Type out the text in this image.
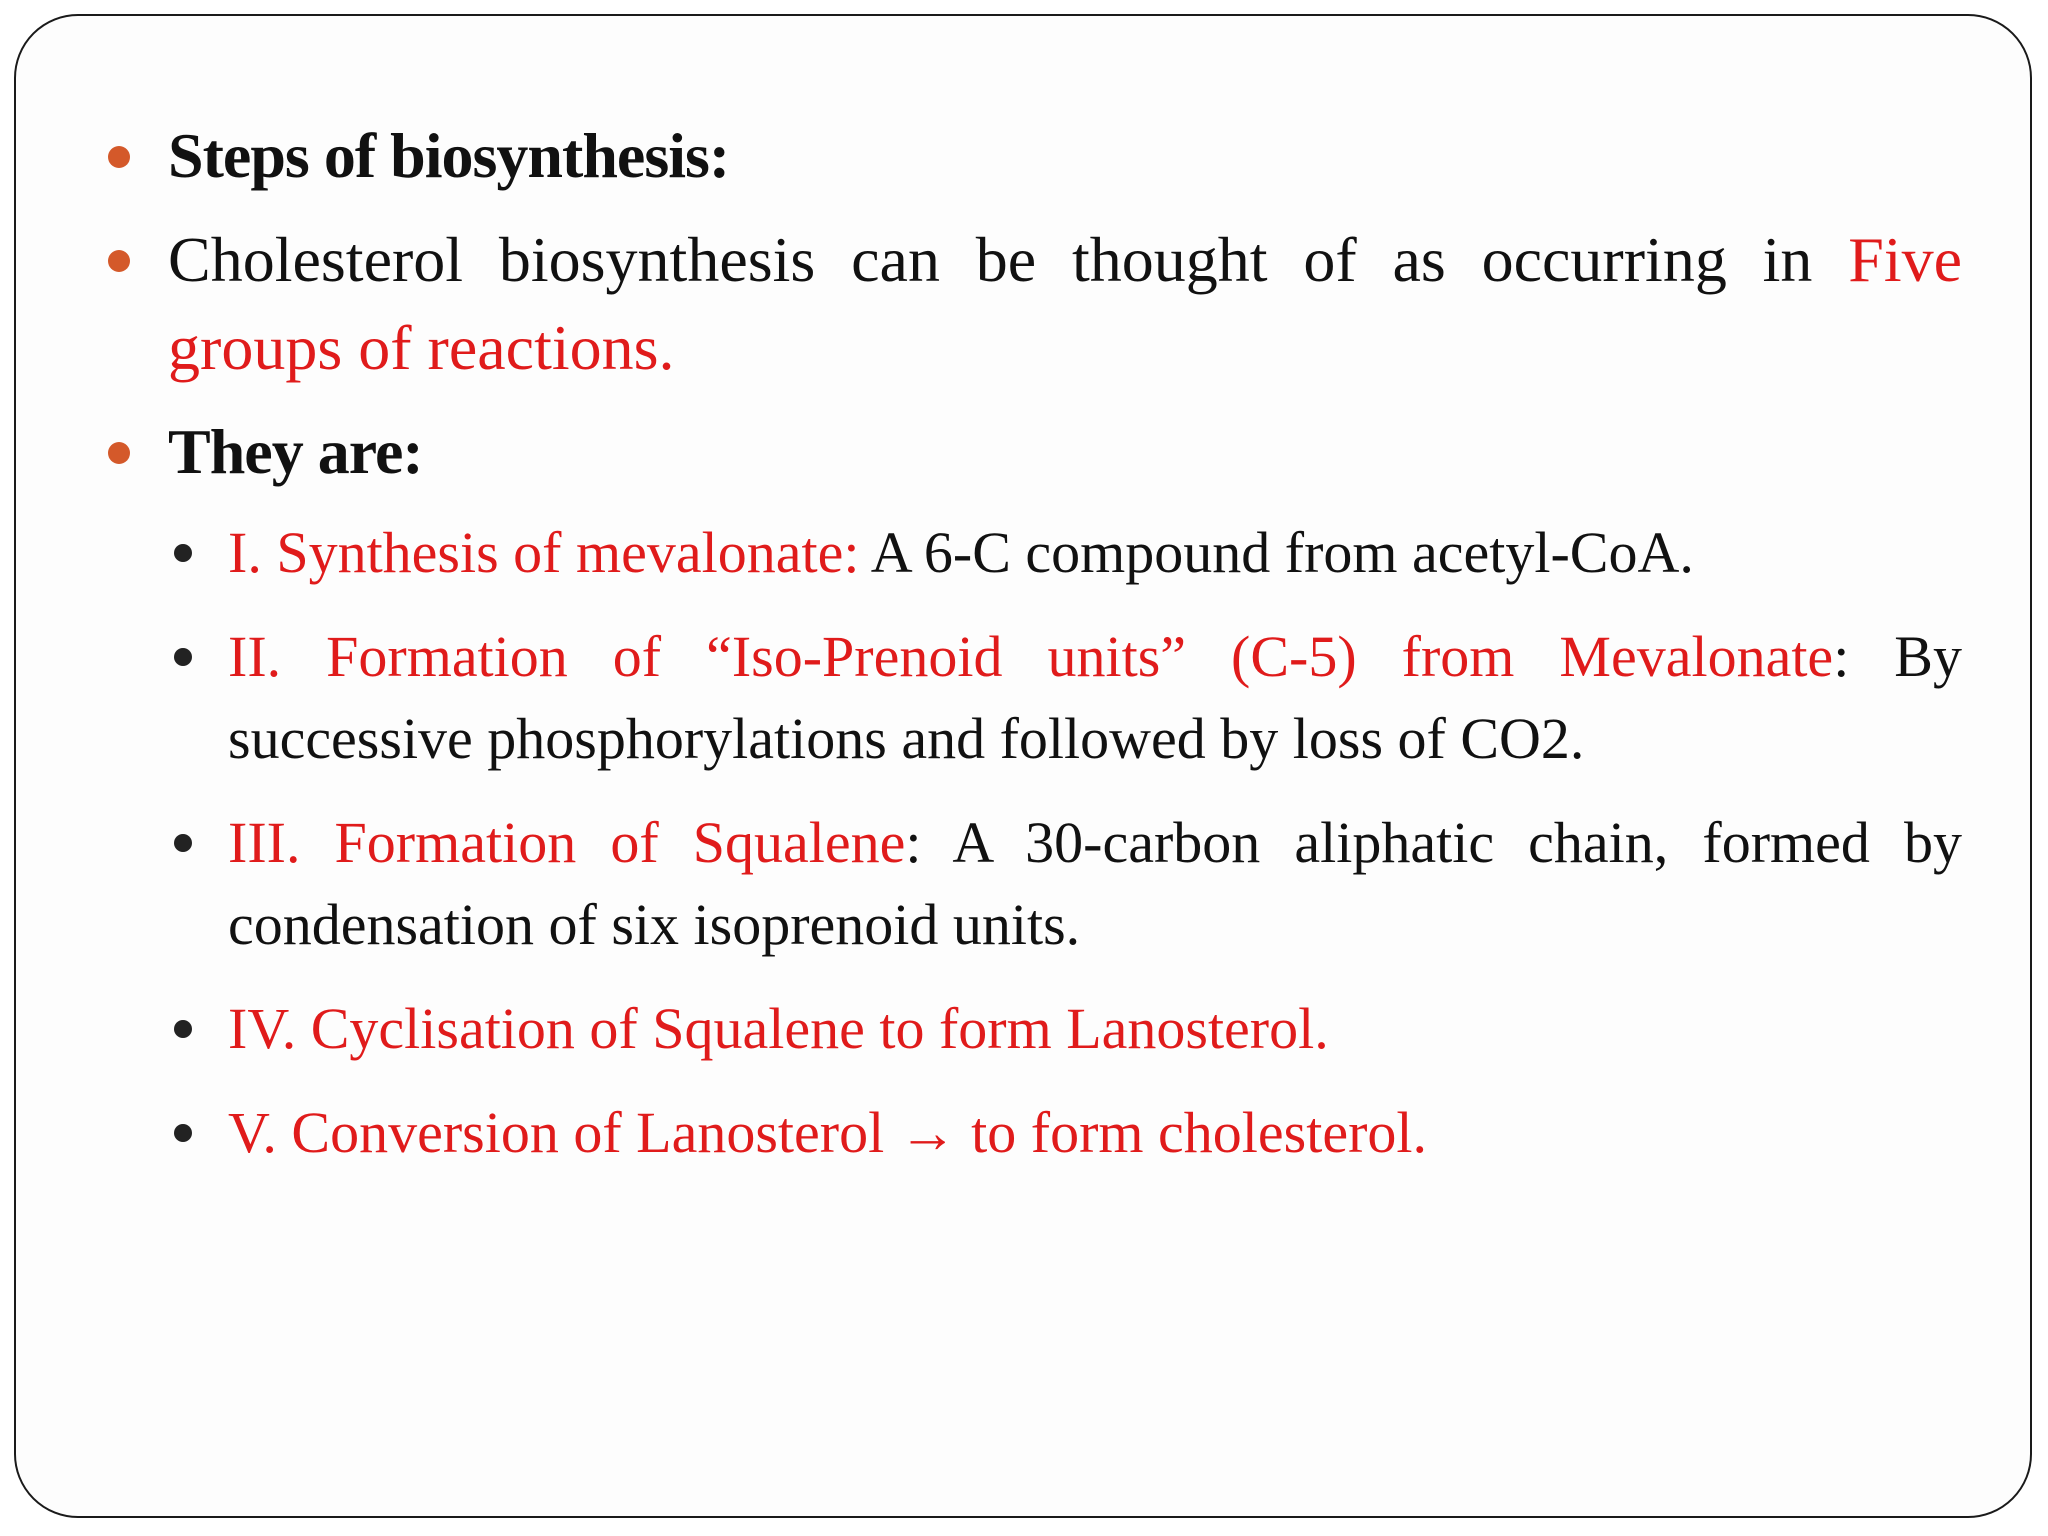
Steps of biosynthesis:
Cholesterol biosynthesis can be thought of as occurring in Five groups of reactions.
They are:
I. Synthesis of mevalonate: A 6-C compound from acetyl-CoA.
II. Formation of “Iso-Prenoid units” (C-5) from Mevalonate: By successive phosphorylations and followed by loss of CO2.
III. Formation of Squalene: A 30-carbon aliphatic chain, formed by condensation of six isoprenoid units.
IV. Cyclisation of Squalene to form Lanosterol.
V. Conversion of Lanosterol → to form cholesterol.
